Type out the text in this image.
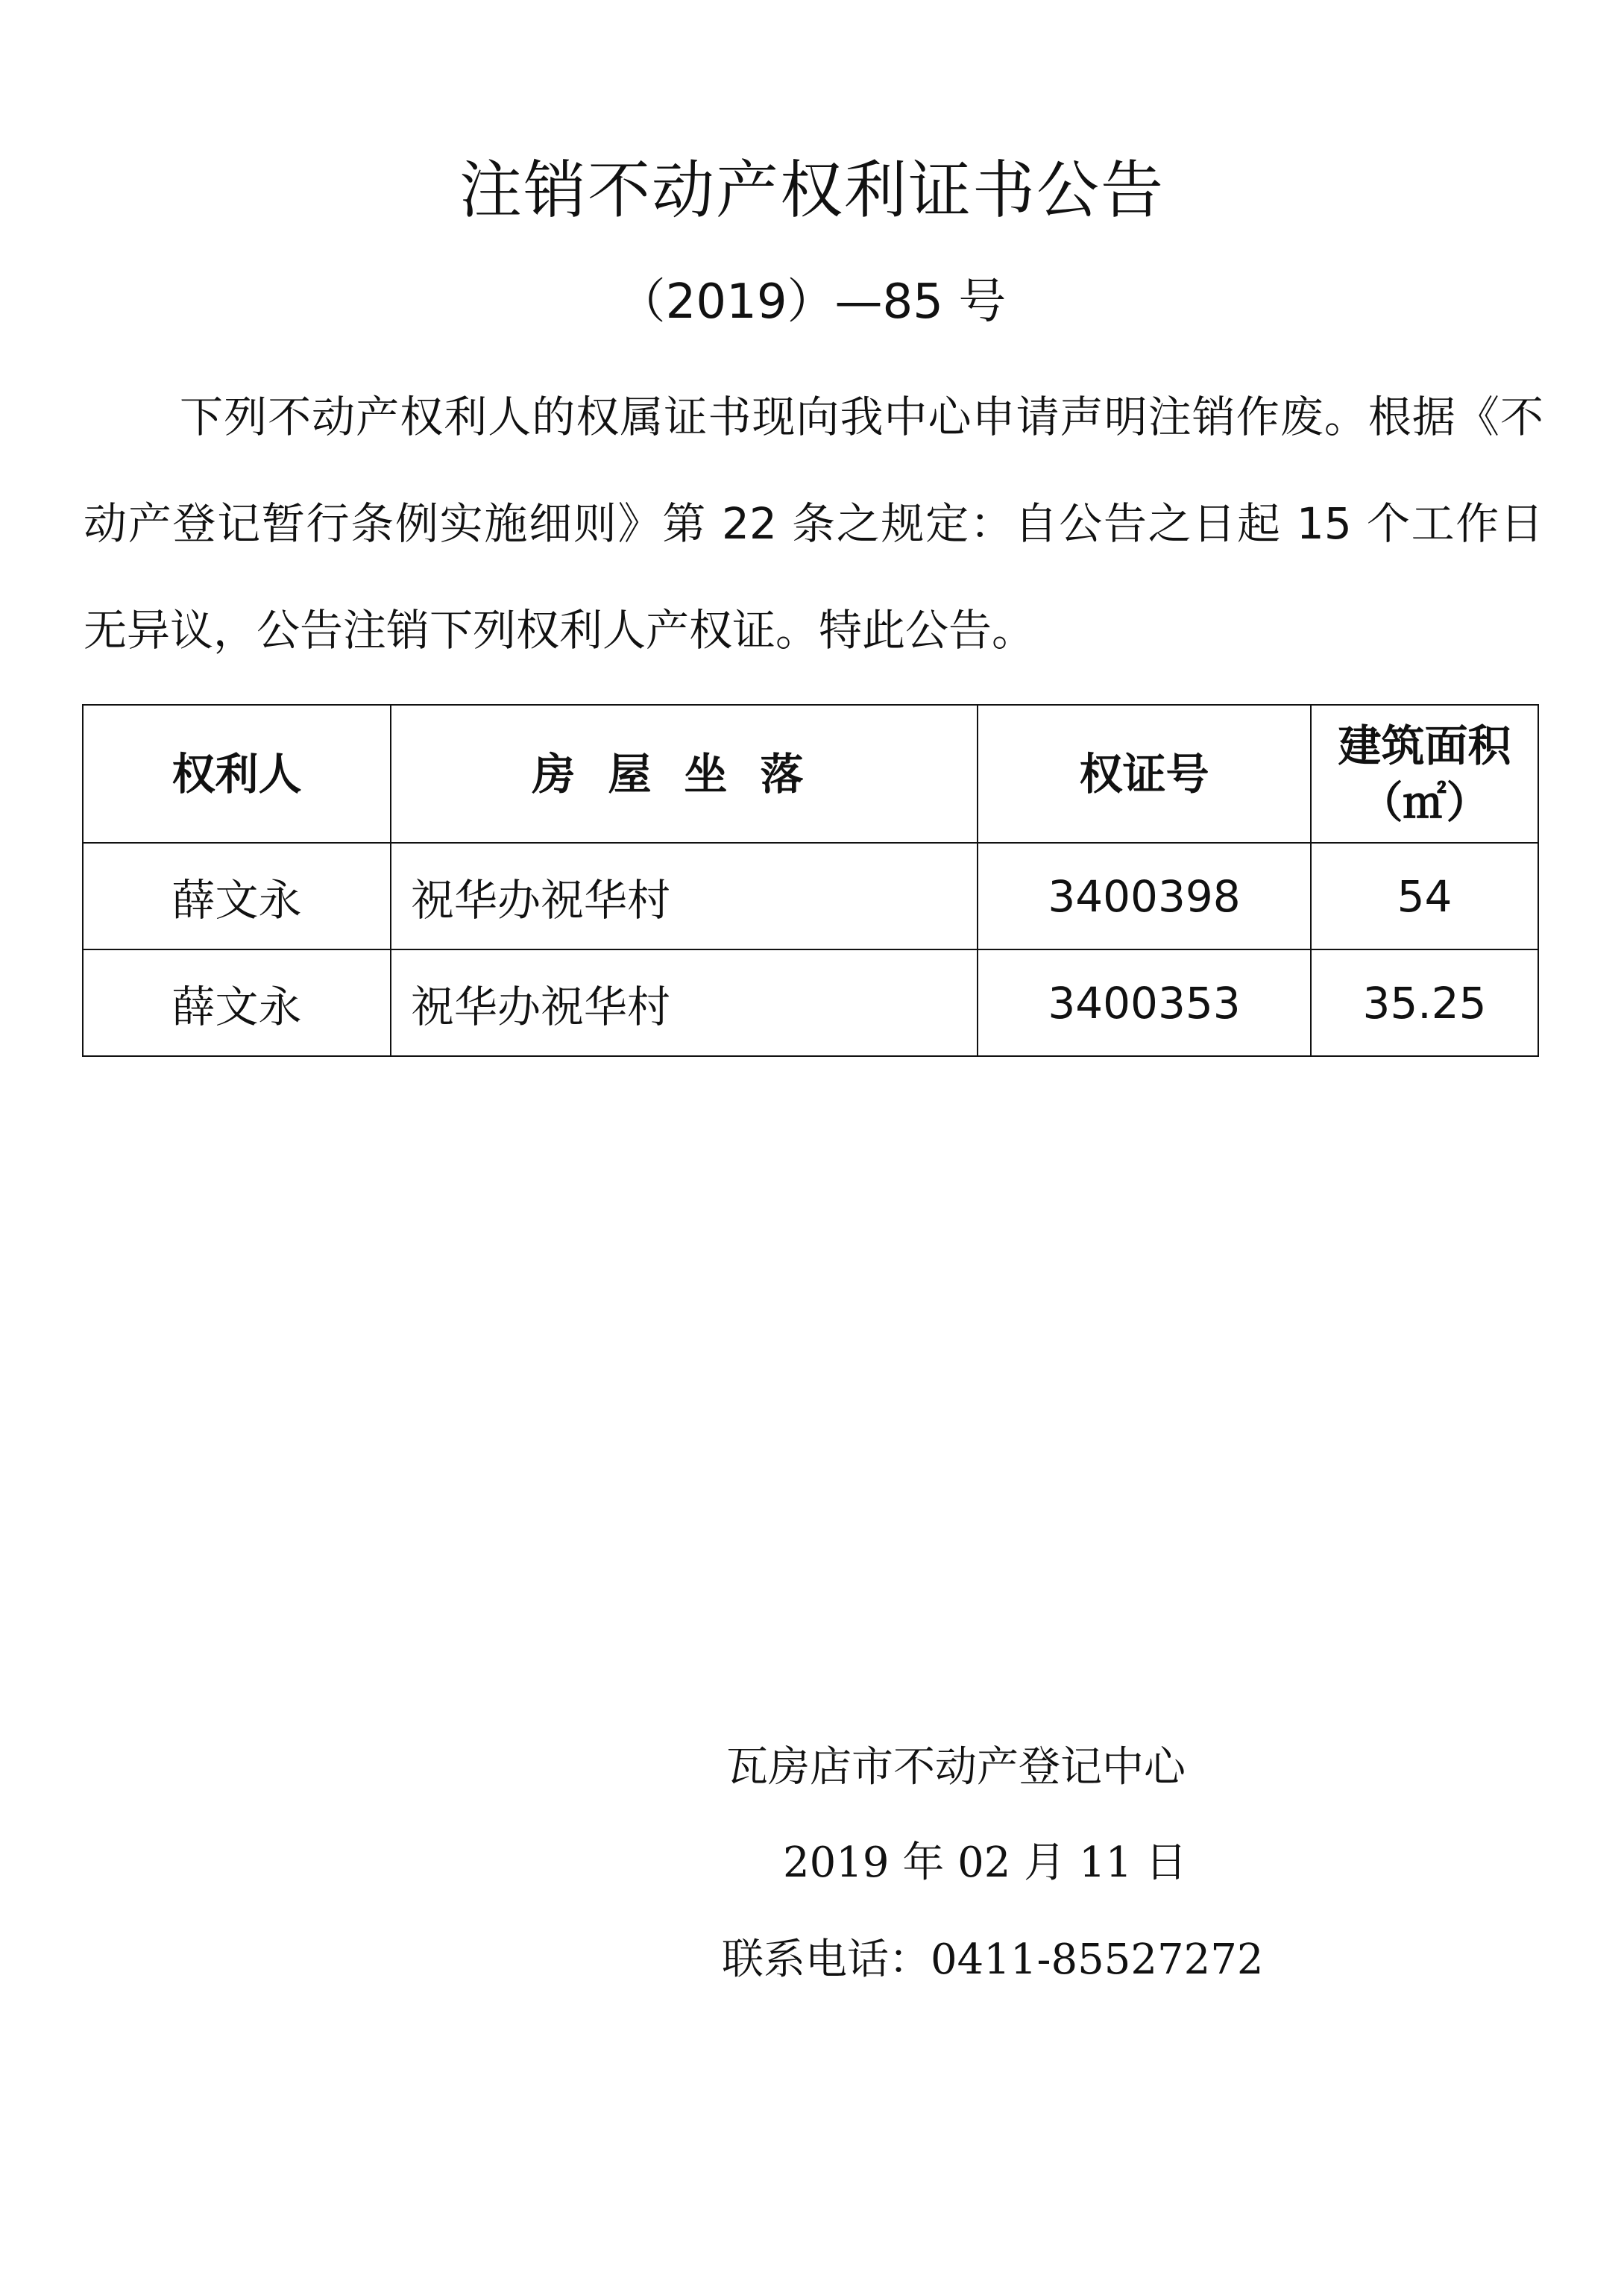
注销不动产权利证书公告
（2019）—85 号

下列不动产权利人的权属证书现向我中心申请声明注销作废。根据《不动产登记暂行条例实施细则》第 22 条之规定：自公告之日起 15 个工作日无异议，公告注销下列权利人产权证。特此公告。

权利人	房屋坐落	权证号	建筑面积
（㎡）

薛文永	祝华办祝华村	3400398	54
薛文永	祝华办祝华村	3400353	35.25
瓦房店市不动产登记中心
2019 年 02 月 11 日
联系电话：0411-85527272
